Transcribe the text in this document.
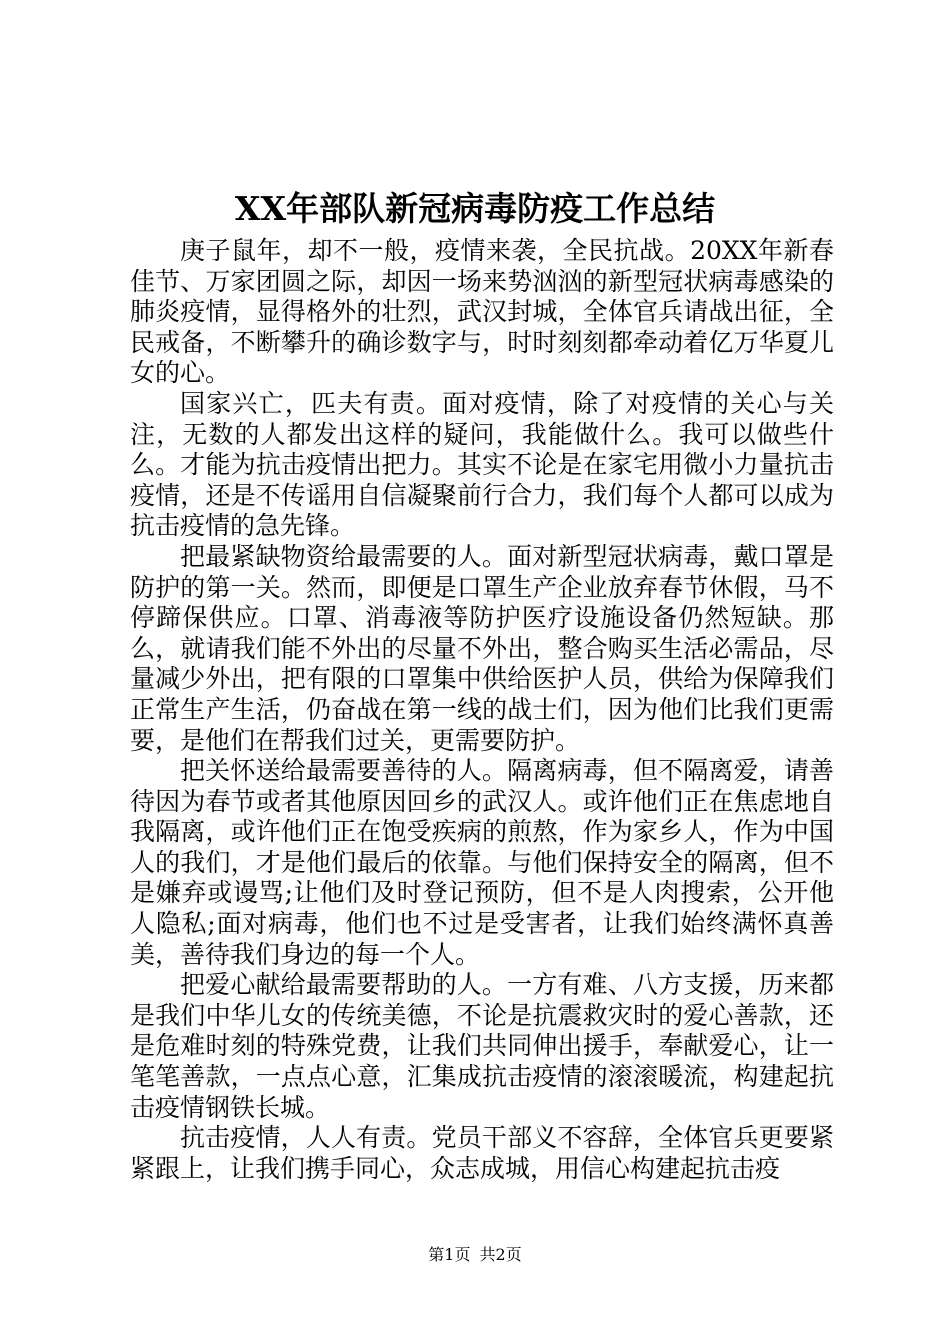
XX年部队新冠病毒防疫工作总结

庚子鼠年，却不一般，疫情来袭，全民抗战。20XX年新春佳节、万家团圆之际，却因一场来势汹汹的新型冠状病毒感染的肺炎疫情，显得格外的壮烈，武汉封城，全体官兵请战出征，全民戒备，不断攀升的确诊数字与，时时刻刻都牵动着亿万华夏儿女的心。

国家兴亡，匹夫有责。面对疫情，除了对疫情的关心与关注，无数的人都发出这样的疑问，我能做什么。我可以做些什么。才能为抗击疫情出把力。其实不论是在家宅用微小力量抗击疫情，还是不传谣用自信凝聚前行合力，我们每个人都可以成为抗击疫情的急先锋。

把最紧缺物资给最需要的人。面对新型冠状病毒，戴口罩是防护的第一关。然而，即便是口罩生产企业放弃春节休假，马不停蹄保供应。口罩、消毒液等防护医疗设施设备仍然短缺。那么，就请我们能不外出的尽量不外出，整合购买生活必需品，尽量减少外出，把有限的口罩集中供给医护人员，供给为保障我们正常生产生活，仍奋战在第一线的战士们，因为他们比我们更需要，是他们在帮我们过关，更需要防护。

把关怀送给最需要善待的人。隔离病毒，但不隔离爱，请善待因为春节或者其他原因回乡的武汉人。或许他们正在焦虑地自我隔离，或许他们正在饱受疾病的煎熬，作为家乡人，作为中国人的我们，才是他们最后的依靠。与他们保持安全的隔离，但不是嫌弃或谩骂;让他们及时登记预防，但不是人肉搜索，公开他人隐私;面对病毒，他们也不过是受害者，让我们始终满怀真善美，善待我们身边的每一个人。

把爱心献给最需要帮助的人。一方有难、八方支援，历来都是我们中华儿女的传统美德，不论是抗震救灾时的爱心善款，还是危难时刻的特殊党费，让我们共同伸出援手，奉献爱心，让一笔笔善款，一点点心意，汇集成抗击疫情的滚滚暖流，构建起抗击疫情钢铁长城。

抗击疫情，人人有责。党员干部义不容辞，全体官兵更要紧紧跟上，让我们携手同心，众志成城，用信心构建起抗击疫

第1页 共2页
